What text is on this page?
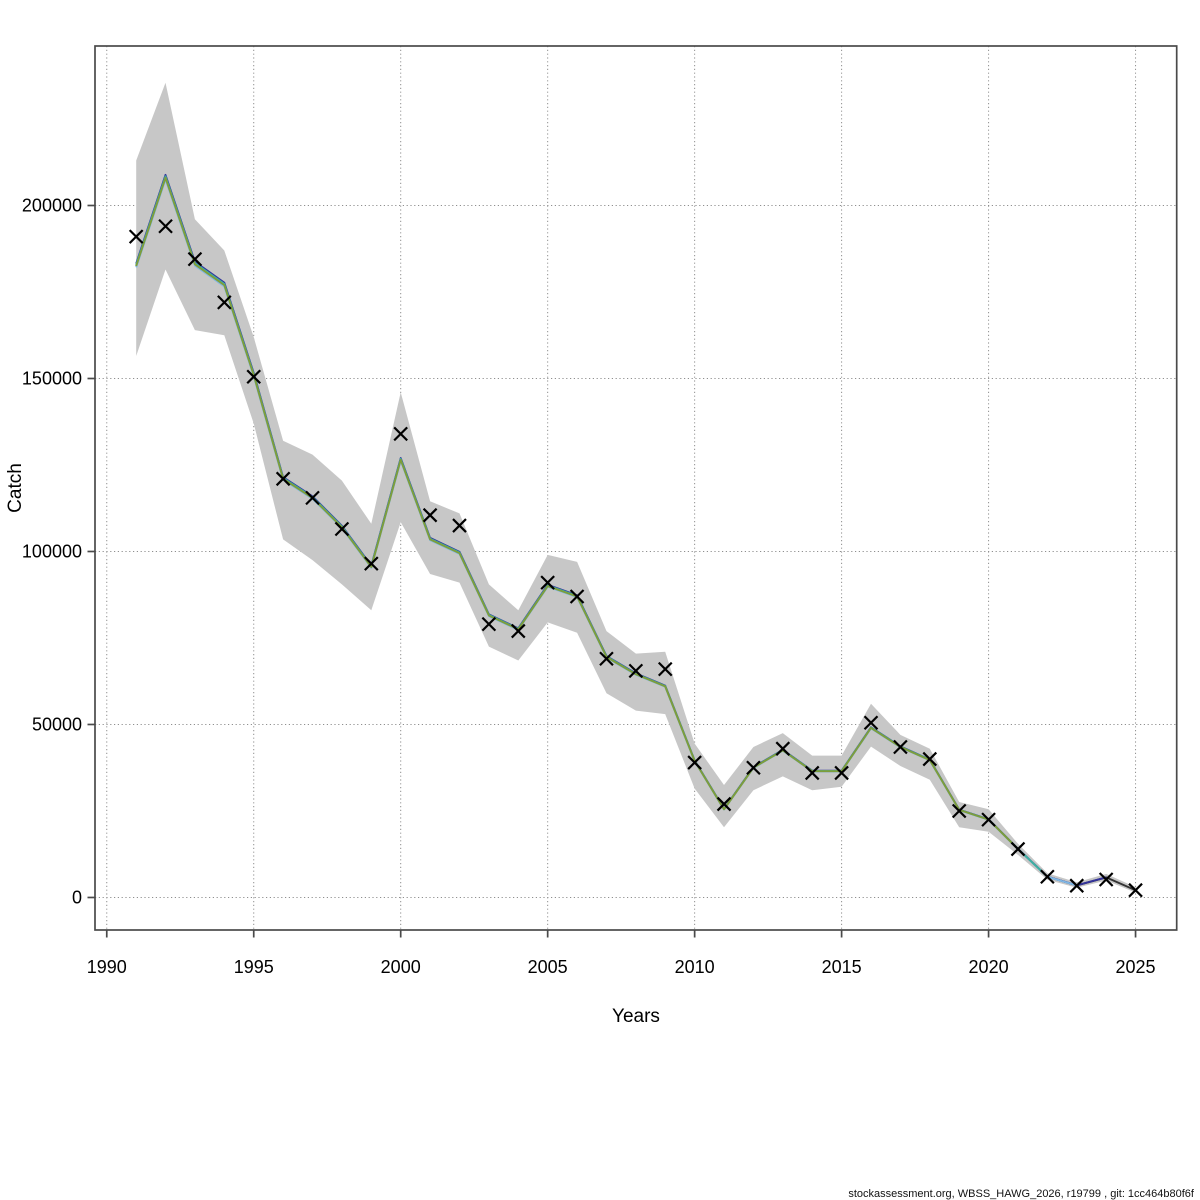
1990	1995	2000	2005	2010	2015	2020	2025
0
50000
100000
150000
200000
Catch
Years
stockassessment.org, WBSS_HAWG_2026, r19799 , git: 1cc464b80f6f
